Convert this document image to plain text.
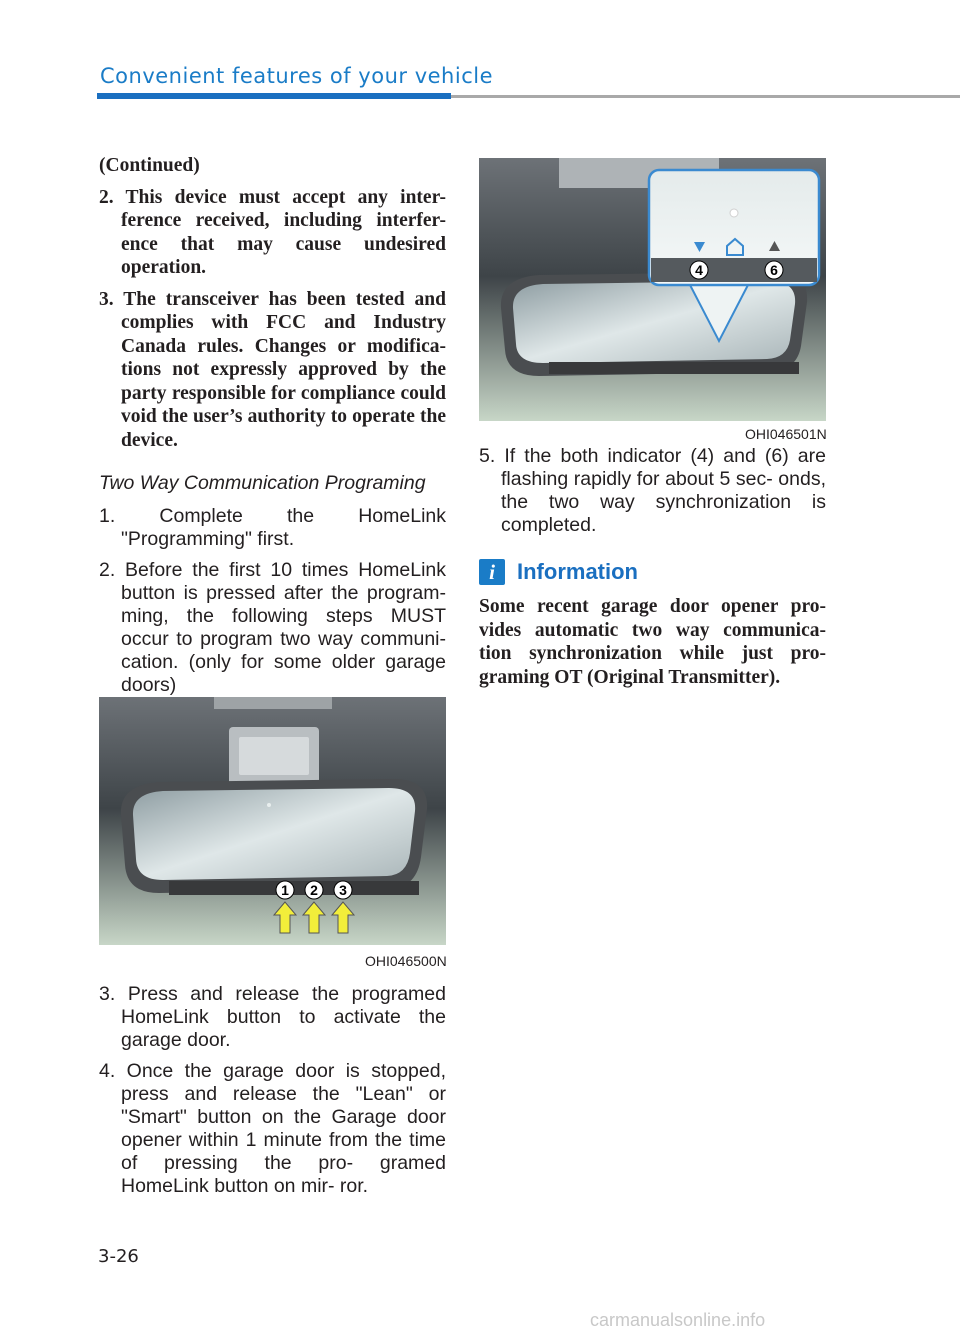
Convenient features of your vehicle
(Continued)
2. This device must accept any inter- ference received, including interfer- ence that may cause undesired operation.
3. The transceiver has been tested and complies with FCC and Industry Canada rules. Changes or modifica- tions not expressly approved by the party responsible for compliance could void the user’s authority to operate the device.
Two Way Communication Programing
1. Complete the HomeLink "Programming" first.
2. Before the first 10 times HomeLink button is pressed after the program- ming, the following steps MUST occur to program two way communi- cation. (only for some older garage doors)
1 2 3
OHI046500N
3. Press and release the programed HomeLink button to activate the garage door.
4. Once the garage door is stopped, press and release the "Lean" or "Smart" button on the Garage door opener within 1 minute from the time of pressing the pro- gramed HomeLink button on mir- ror.
4	6
OHI046501N
5. If the both indicator (4) and (6) are flashing rapidly for about 5 sec- onds, the two way synchronization is completed.
i	Information
Some recent garage door opener pro- vides automatic two way communica- tion synchronization while just pro- graming OT (Original Transmitter).
3-26
carmanualsonline.info
